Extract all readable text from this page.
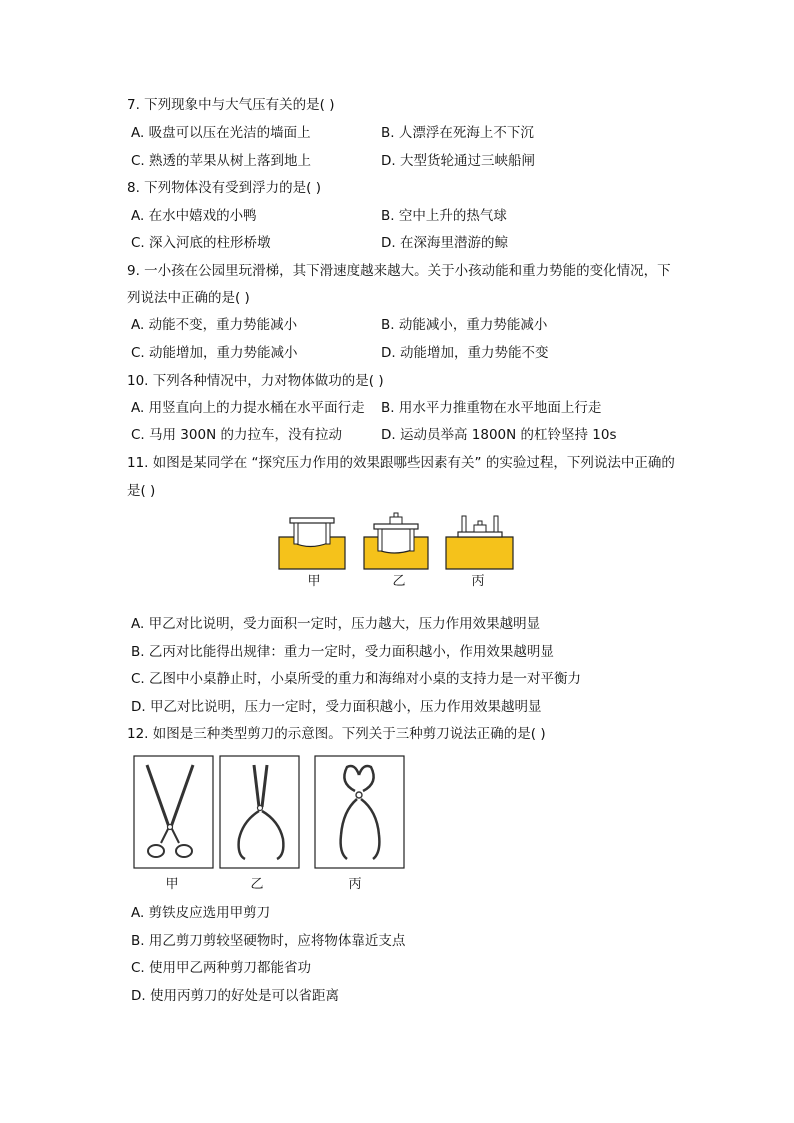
7. 下列现象中与大气压有关的是( )
A. 吸盘可以压在光洁的墙面上	B. 人漂浮在死海上不下沉
C. 熟透的苹果从树上落到地上	D. 大型货轮通过三峡船闸
8. 下列物体没有受到浮力的是( )
A. 在水中嬉戏的小鸭	B. 空中上升的热气球
C. 深入河底的柱形桥墩	D. 在深海里潜游的鲸
9. 一小孩在公园里玩滑梯，其下滑速度越来越大。关于小孩动能和重力势能的变化情况，下
列说法中正确的是( )
A. 动能不变，重力势能减小	B. 动能减小，重力势能减小
C. 动能增加，重力势能减小	D. 动能增加，重力势能不变
10. 下列各种情况中，力对物体做功的是( )
A. 用竖直向上的力提水桶在水平面行走 B. 用水平力推重物在水平地面上行走
C. 马用 300N 的力拉车，没有拉动	D. 运动员举高 1800N 的杠铃坚持 10s
11. 如图是某同学在 “探究压力作用的效果跟哪些因素有关” 的实验过程，下列说法中正确的
是( )
甲	乙	丙
A. 甲乙对比说明，受力面积一定时，压力越大，压力作用效果越明显
B. 乙丙对比能得出规律：重力一定时，受力面积越小，作用效果越明显
C. 乙图中小桌静止时，小桌所受的重力和海绵对小桌的支持力是一对平衡力
D. 甲乙对比说明，压力一定时，受力面积越小，压力作用效果越明显
12. 如图是三种类型剪刀的示意图。下列关于三种剪刀说法正确的是( )
甲	乙	丙
A. 剪铁皮应选用甲剪刀
B. 用乙剪刀剪较坚硬物时，应将物体靠近支点
C. 使用甲乙两种剪刀都能省功
D. 使用丙剪刀的好处是可以省距离
